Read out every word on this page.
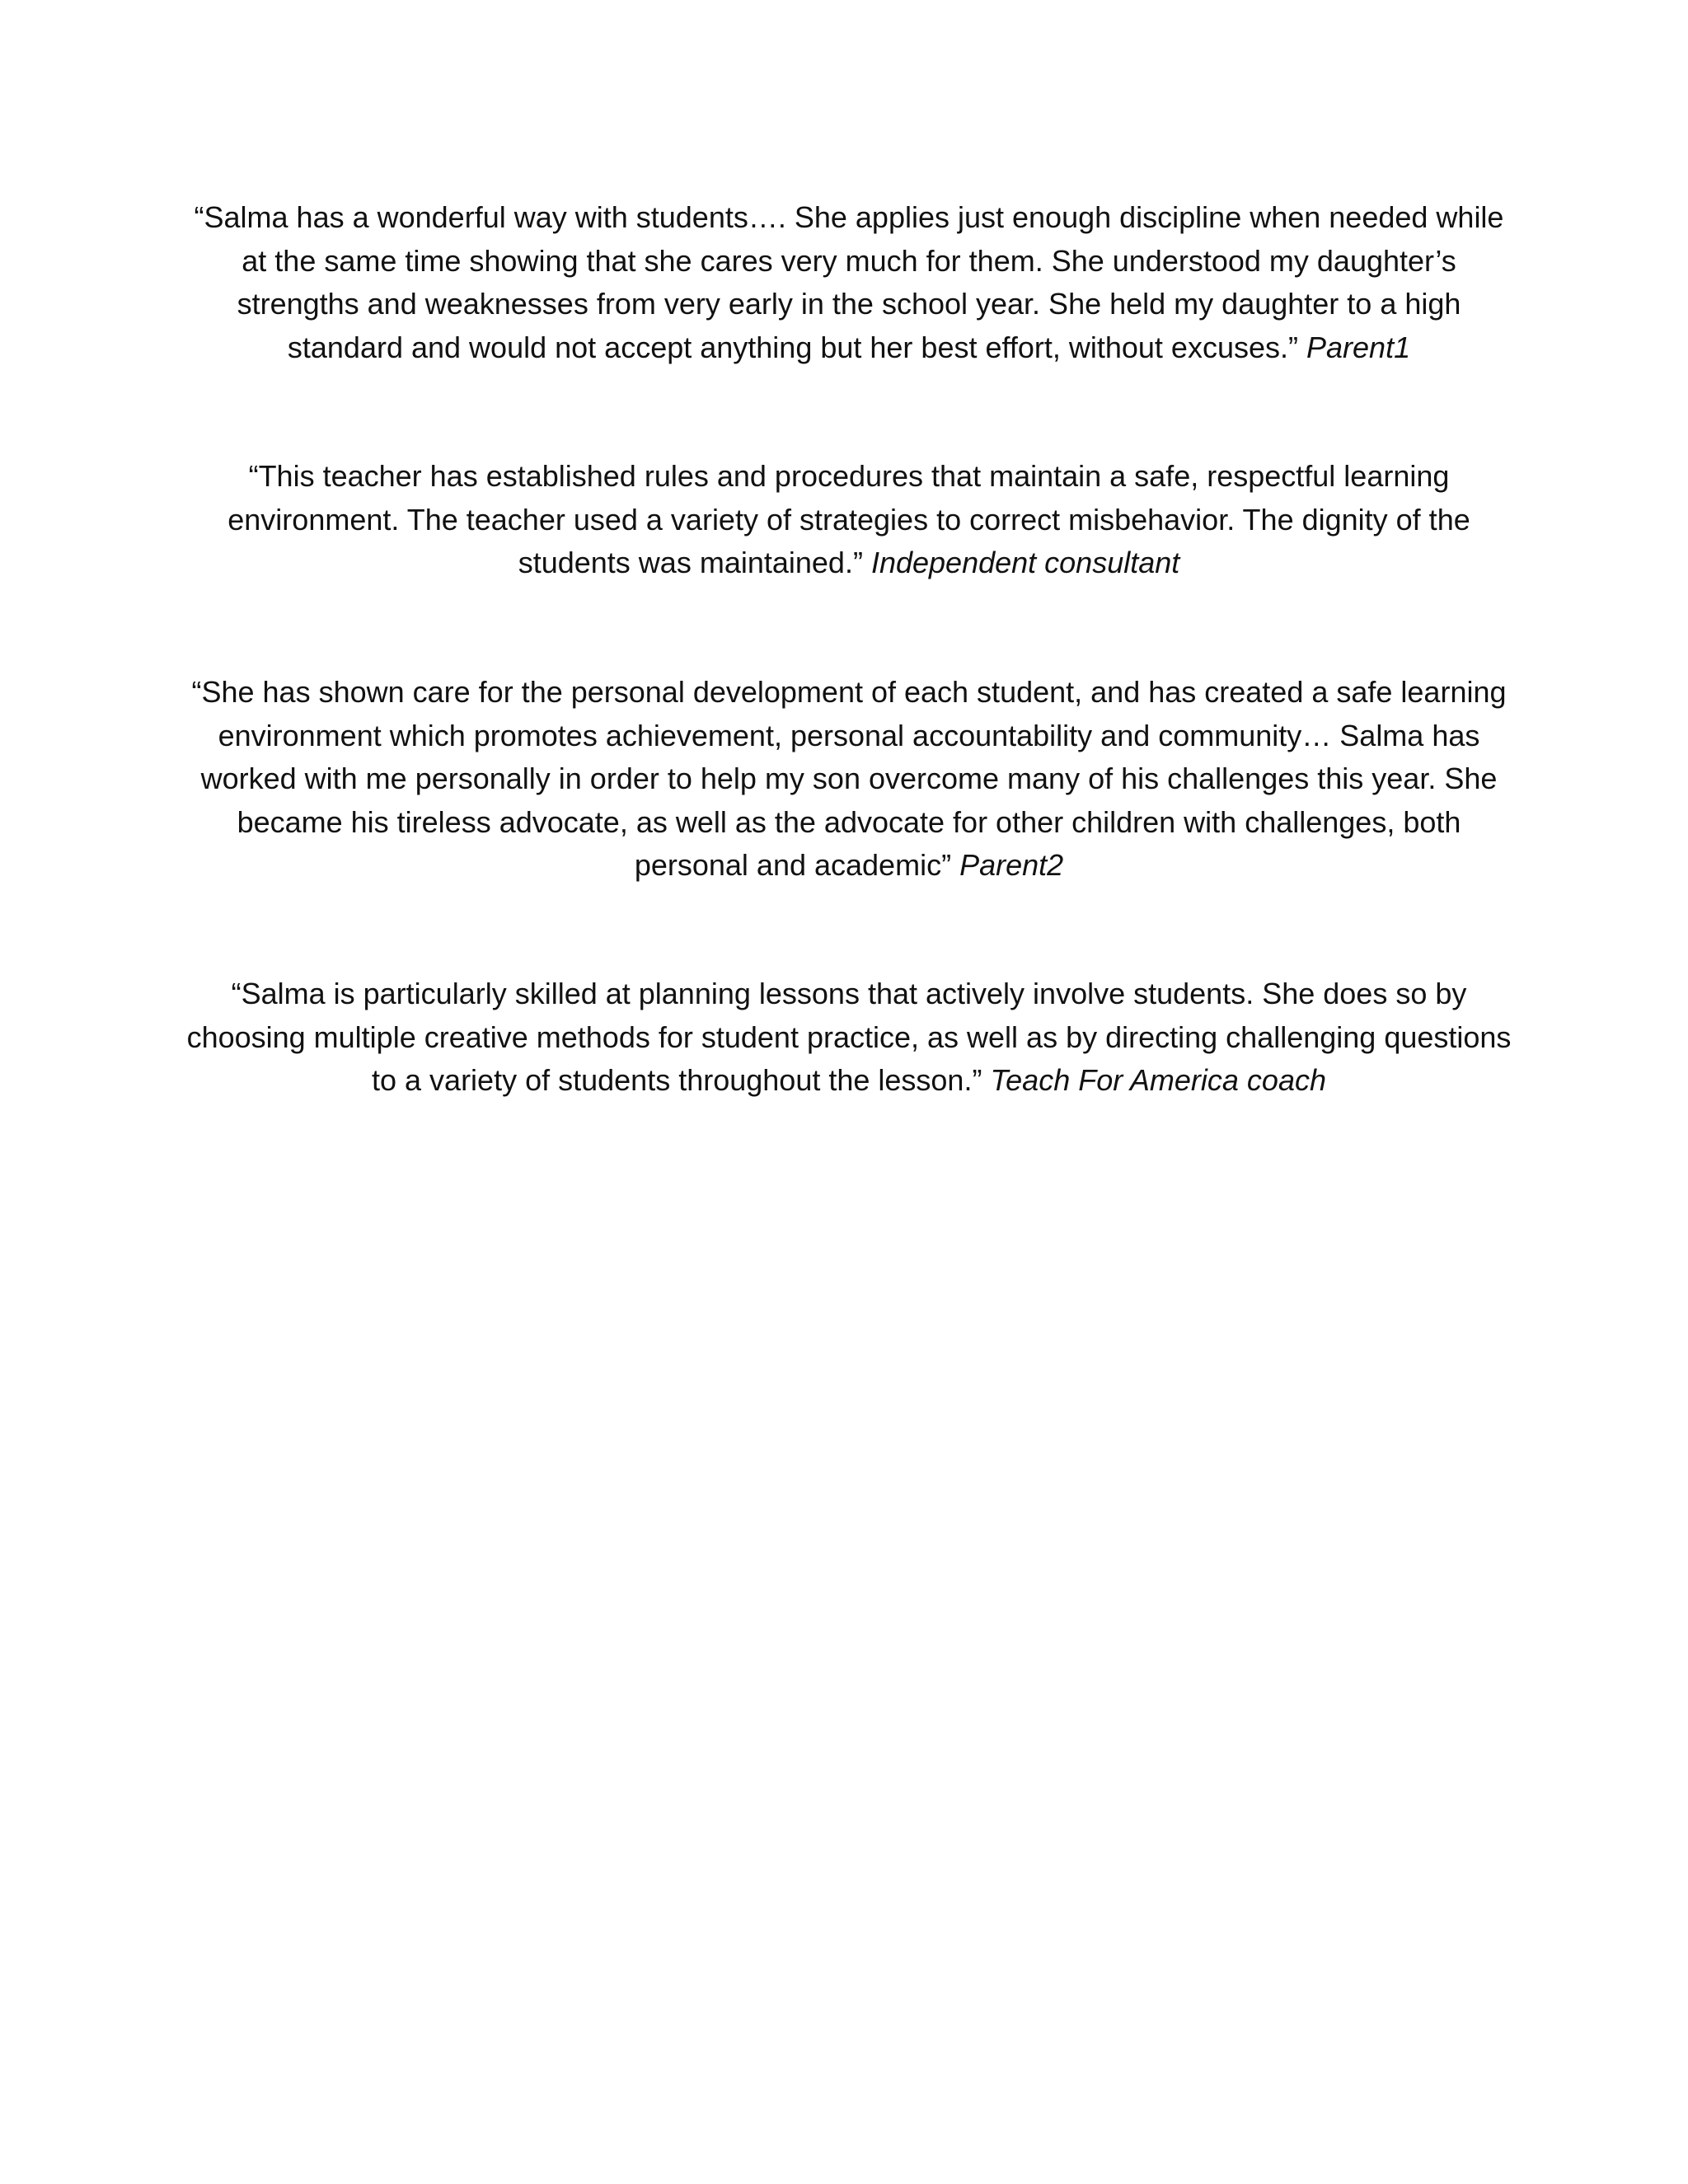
“Salma has a wonderful way with students…. She applies just enough discipline when needed while at the same time showing that she cares very much for them. She understood my daughter’s strengths and weaknesses from very early in the school year. She held my daughter to a high standard and would not accept anything but her best effort, without excuses.” Parent1

“This teacher has established rules and procedures that maintain a safe, respectful learning environment. The teacher used a variety of strategies to correct misbehavior. The dignity of the students was maintained.” Independent consultant

“She has shown care for the personal development of each student, and has created a safe learning environment which promotes achievement, personal accountability and community… Salma has worked with me personally in order to help my son overcome many of his challenges this year. She became his tireless advocate, as well as the advocate for other children with challenges, both personal and academic” Parent2

“Salma is particularly skilled at planning lessons that actively involve students. She does so by choosing multiple creative methods for student practice, as well as by directing challenging questions to a variety of students throughout the lesson.” Teach For America coach
